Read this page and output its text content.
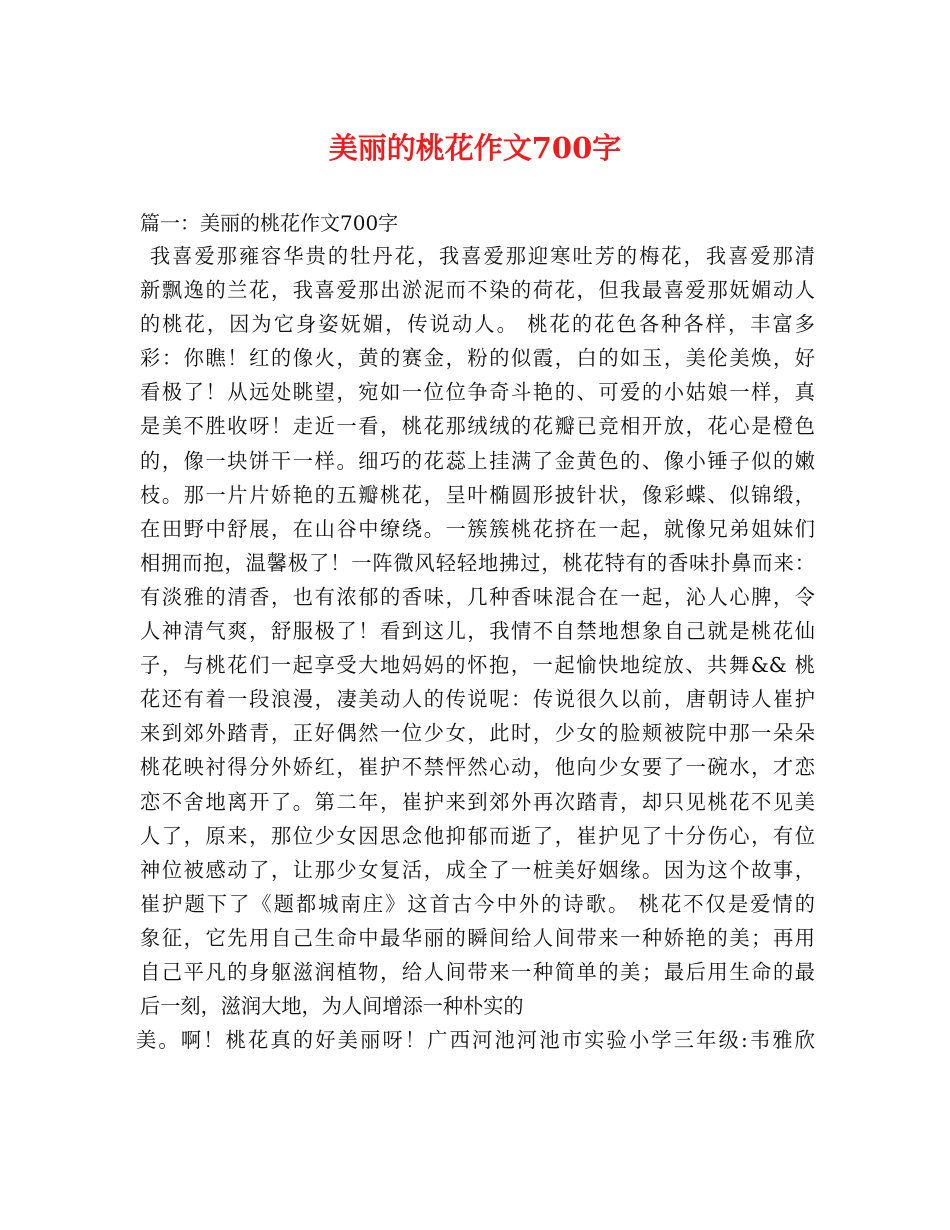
美丽的桃花作文700字

篇一：美丽的桃花作文700字

我喜爱那雍容华贵的牡丹花，我喜爱那迎寒吐芳的梅花，我喜爱那清
新飘逸的兰花，我喜爱那出淤泥而不染的荷花，但我最喜爱那妩媚动人
的桃花，因为它身姿妩媚，传说动人。 桃花的花色各种各样，丰富多
彩：你瞧！红的像火，黄的赛金，粉的似霞，白的如玉，美伦美焕，好
看极了！从远处眺望，宛如一位位争奇斗艳的、可爱的小姑娘一样，真
是美不胜收呀！走近一看，桃花那绒绒的花瓣已竞相开放，花心是橙色
的，像一块饼干一样。细巧的花蕊上挂满了金黄色的、像小锤子似的嫩
枝。那一片片娇艳的五瓣桃花，呈叶椭圆形披针状，像彩蝶、似锦缎，
在田野中舒展，在山谷中缭绕。一簇簇桃花挤在一起，就像兄弟姐妹们
相拥而抱，温馨极了！一阵微风轻轻地拂过，桃花特有的香味扑鼻而来：
有淡雅的清香，也有浓郁的香味，几种香味混合在一起，沁人心脾，令
人神清气爽，舒服极了！看到这儿，我情不自禁地想象自己就是桃花仙
子，与桃花们一起享受大地妈妈的怀抱，一起愉快地绽放、共舞&& 桃
花还有着一段浪漫，凄美动人的传说呢：传说很久以前，唐朝诗人崔护
来到郊外踏青，正好偶然一位少女，此时，少女的脸颊被院中那一朵朵
桃花映衬得分外娇红，崔护不禁怦然心动，他向少女要了一碗水，才恋
恋不舍地离开了。第二年，崔护来到郊外再次踏青，却只见桃花不见美
人了，原来，那位少女因思念他抑郁而逝了，崔护见了十分伤心，有位
神位被感动了，让那少女复活，成全了一桩美好姻缘。因为这个故事，
崔护题下了《题都城南庄》这首古今中外的诗歌。 桃花不仅是爱情的
象征，它先用自己生命中最华丽的瞬间给人间带来一种娇艳的美；再用
自己平凡的身躯滋润植物，给人间带来一种简单的美；最后用生命的最
后一刻，滋润大地，为人间增添一种朴实的
美。啊！桃花真的好美丽呀！广西河池河池市实验小学三年级:韦雅欣
